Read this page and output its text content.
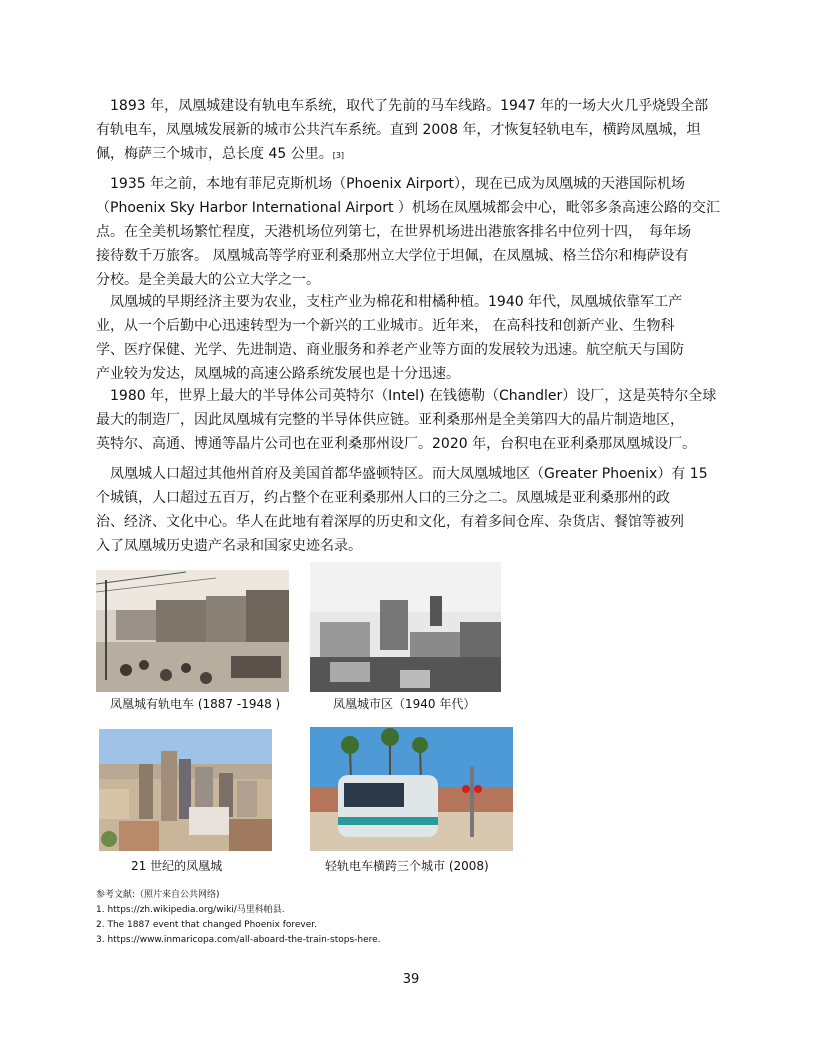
　1893 年，凤凰城建设有轨电车系统，取代了先前的马车线路。1947 年的一场大火几乎烧毁全部

有轨电车，凤凰城发展新的城市公共汽车系统。直到 2008 年，才恢复轻轨电车，横跨凤凰城，坦

佩，梅萨三个城市，总长度 45 公里。[3]

　1935 年之前，本地有菲尼克斯机场（Phoenix Airport），现在已成为凤凰城的天港国际机场

（Phoenix Sky Harbor International Airport ）机场在凤凰城都会中心，毗邻多条高速公路的交汇

点。在全美机场繁忙程度，天港机场位列第七，在世界机场进出港旅客排名中位列十四，　每年场

接待数千万旅客。 凤凰城高等学府亚利桑那州立大学位于坦佩，在凤凰城、格兰岱尔和梅萨设有

分校。是全美最大的公立大学之一。

　凤凰城的早期经济主要为农业，支柱产业为棉花和柑橘种植。1940 年代，凤凰城依靠军工产

业，从一个后勤中心迅速转型为一个新兴的工业城市。近年来， 在高科技和创新产业、生物科

学、医疗保健、光学、先进制造、商业服务和养老产业等方面的发展较为迅速。航空航天与国防

产业较为发达，凤凰城的高速公路系统发展也是十分迅速。

　1980 年，世界上最大的半导体公司英特尔（Intel) 在钱德勒（Chandler）设厂，这是英特尔全球

最大的制造厂，因此凤凰城有完整的半导体供应链。亚利桑那州是全美第四大的晶片制造地区，

英特尔、高通、博通等晶片公司也在亚利桑那州设厂。2020 年，台积电在亚利桑那凤凰城设厂。

　凤凰城人口超过其他州首府及美国首都华盛顿特区。而大凤凰城地区（Greater Phoenix）有 15

个城镇，人口超过五百万，约占整个在亚利桑那州人口的三分之二。凤凰城是亚利桑那州的政

治、经济、文化中心。华人在此地有着深厚的历史和文化，有着多间仓库、杂货店、餐馆等被列

入了凤凰城历史遗产名录和国家史迹名录。

凤凰城有轨电车 (1887 -1948 )	凤凰城市区（1940 年代）
21 世纪的凤凰城	轻轨电车横跨三个城市 (2008)
参考文献:（照片来自公共网络)
1. https://zh.wikipedia.org/wiki/马里科帕县.
2. The 1887 event that changed Phoenix forever.
3. https://www.inmaricopa.com/all-aboard-the-train-stops-here.
39
